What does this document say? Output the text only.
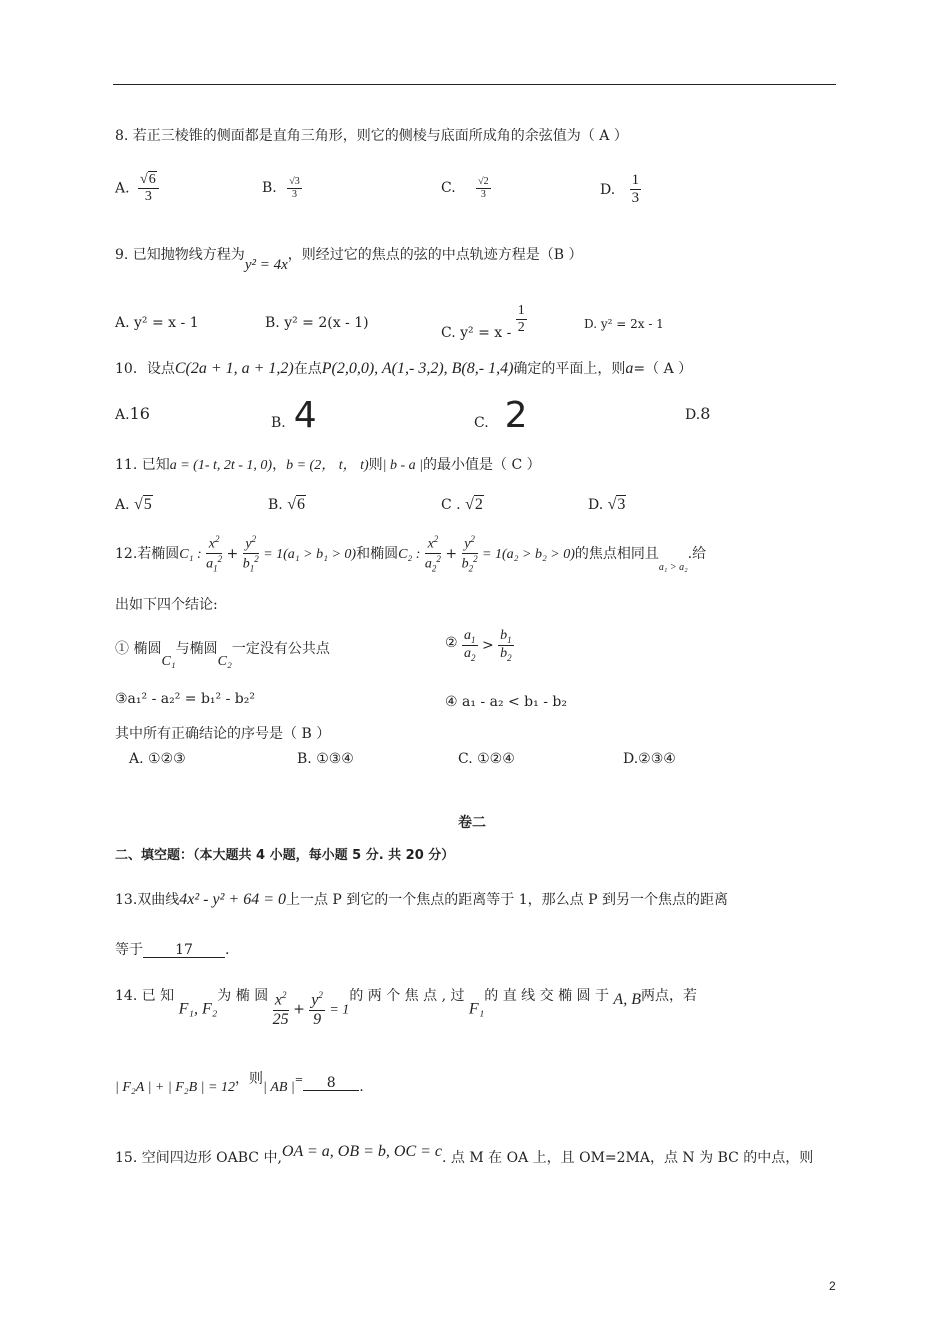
8. 若正三棱锥的侧面都是直角三角形，则它的侧棱与底面所成角的余弦值为（ A ）
A. $\frac{√6}{3}$	B. $\frac{√3}{3}$	C. $\frac{√2}{3}$	D. $\frac{1}{3}$
9. 已知抛物线方程为y² = 4x，则经过它的焦点的弦的中点轨迹方程是（B ）
A. y² = x - 1	B. y² = 2(x - 1)
C. $y^2 = x - \frac{1}{2}$	D. y² = 2x - 1
10．设点C(2a + 1, a + 1,2)在点P(2,0,0), A(1,- 3,2), B(8,- 1,4)确定的平面上，则a=（ A ）
A.16	B. 4	C. 2	D.8
11. 已知a = (1- t, 2t - 1, 0)，b = (2， t， t)则| b - a |的最小值是（ C ）
A. √5	B. √6	C . √2	D. √3
12.若椭圆C₁ : $\frac{x^2}{a_1^2} + \frac{y^2}{b_1^2} = 1(a_1 > b_1 > 0)$和椭圆C₂ : $\frac{x^2}{a_2^2} + \frac{y^2}{b_2^2} = 1(a_2 > b_2 > 0)$的焦点相同且$_{a_1 > a_2}$.给
出如下四个结论:
① 椭圆C₁与椭圆C₂一定没有公共点	② $\frac{a_1}{a_2} > \frac{b_1}{b_2}$
③a₁² - a₂² = b₁² - b₂²	④ a₁ - a₂ < b₁ - b₂
其中所有正确结论的序号是（ B ）
A. ①②③	B. ①③④	C. ①②④	D.②③④
卷二
二、填空题：（本大题共 4 小题，每小题 5 分. 共 20 分）
13.双曲线4x² - y² + 64 = 0上一点 P 到它的一个焦点的距离等于 1，那么点 P 到另一个焦点的距离
等于 17 .
14. 已 知 F₁, F₂为 椭 圆 $\frac{x^2}{25} + \frac{y^2}{9} = 1$的 两 个 焦 点 , 过 F₁的 直 线 交 椭 圆 于 A, B两点，若
| F₂A | + | F₂B | = 12，则| AB |= 8 .
15. 空间四边形 OABC 中,OA = a, OB = b, OC = c. 点 M 在 OA 上，且 OM=2MA，点 N 为 BC 的中点，则
2
